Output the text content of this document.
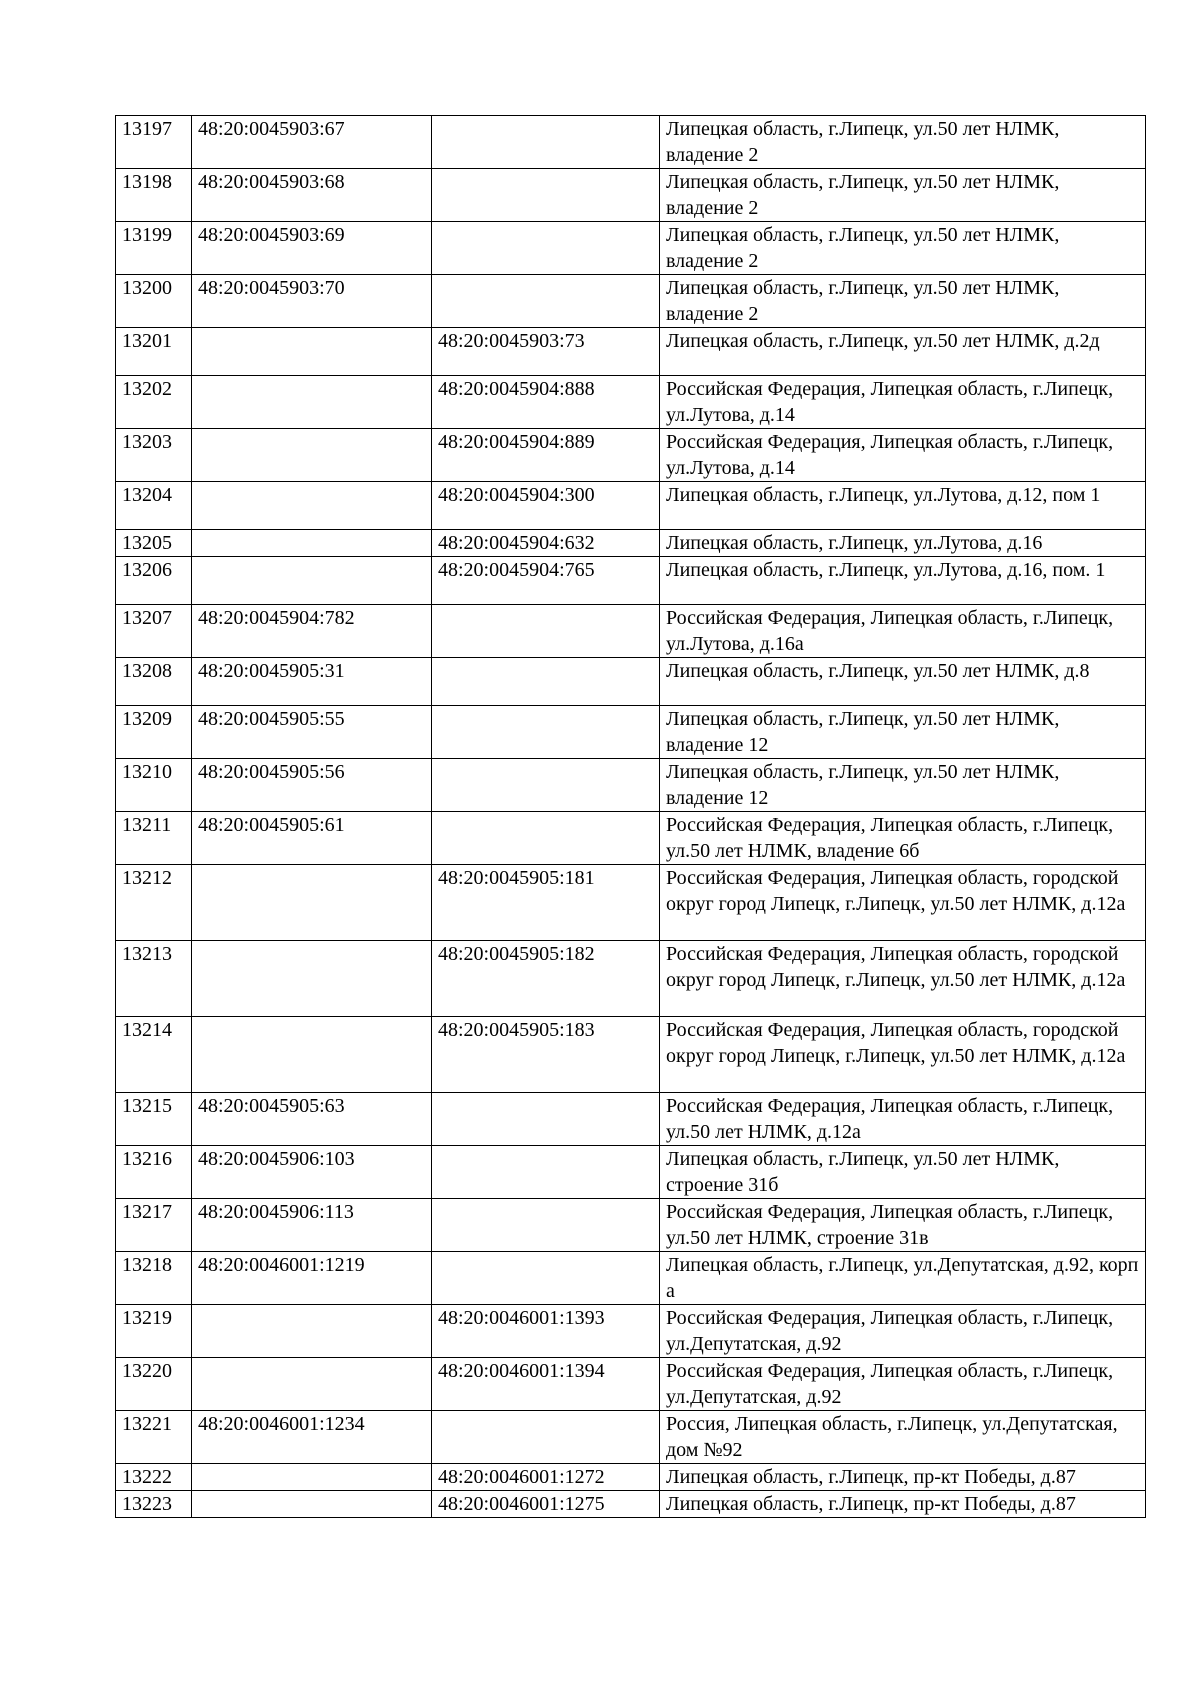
13197	48:20:0045903:67		Липецкая область, г.Липецк, ул.50 лет НЛМК, владение 2
13198	48:20:0045903:68		Липецкая область, г.Липецк, ул.50 лет НЛМК, владение 2
13199	48:20:0045903:69		Липецкая область, г.Липецк, ул.50 лет НЛМК, владение 2
13200	48:20:0045903:70		Липецкая область, г.Липецк, ул.50 лет НЛМК, владение 2
13201		48:20:0045903:73	Липецкая область, г.Липецк, ул.50 лет НЛМК, д.2д
13202		48:20:0045904:888	Российская Федерация, Липецкая область, г.Липецк, ул.Лутова, д.14
13203		48:20:0045904:889	Российская Федерация, Липецкая область, г.Липецк, ул.Лутова, д.14
13204		48:20:0045904:300	Липецкая область, г.Липецк, ул.Лутова, д.12, пом 1
13205		48:20:0045904:632	Липецкая область, г.Липецк, ул.Лутова, д.16
13206		48:20:0045904:765	Липецкая область, г.Липецк, ул.Лутова, д.16, пом. 1
13207	48:20:0045904:782		Российская Федерация, Липецкая область, г.Липецк, ул.Лутова, д.16а
13208	48:20:0045905:31		Липецкая область, г.Липецк, ул.50 лет НЛМК, д.8
13209	48:20:0045905:55		Липецкая область, г.Липецк, ул.50 лет НЛМК, владение 12
13210	48:20:0045905:56		Липецкая область, г.Липецк, ул.50 лет НЛМК, владение 12
13211	48:20:0045905:61		Российская Федерация, Липецкая область, г.Липецк, ул.50 лет НЛМК, владение 6б
13212		48:20:0045905:181	Российская Федерация, Липецкая область, городской округ город Липецк, г.Липецк, ул.50 лет НЛМК, д.12а
13213		48:20:0045905:182	Российская Федерация, Липецкая область, городской округ город Липецк, г.Липецк, ул.50 лет НЛМК, д.12а
13214		48:20:0045905:183	Российская Федерация, Липецкая область, городской округ город Липецк, г.Липецк, ул.50 лет НЛМК, д.12а
13215	48:20:0045905:63		Российская Федерация, Липецкая область, г.Липецк, ул.50 лет НЛМК, д.12а
13216	48:20:0045906:103		Липецкая область, г.Липецк, ул.50 лет НЛМК, строение 31б
13217	48:20:0045906:113		Российская Федерация, Липецкая область, г.Липецк, ул.50 лет НЛМК, строение 31в
13218	48:20:0046001:1219		Липецкая область, г.Липецк, ул.Депутатская, д.92, корп а
13219		48:20:0046001:1393	Российская Федерация, Липецкая область, г.Липецк, ул.Депутатская, д.92
13220		48:20:0046001:1394	Российская Федерация, Липецкая область, г.Липецк, ул.Депутатская, д.92
13221	48:20:0046001:1234		Россия, Липецкая область, г.Липецк, ул.Депутатская, дом №92
13222		48:20:0046001:1272	Липецкая область, г.Липецк, пр-кт Победы, д.87
13223		48:20:0046001:1275	Липецкая область, г.Липецк, пр-кт Победы, д.87
